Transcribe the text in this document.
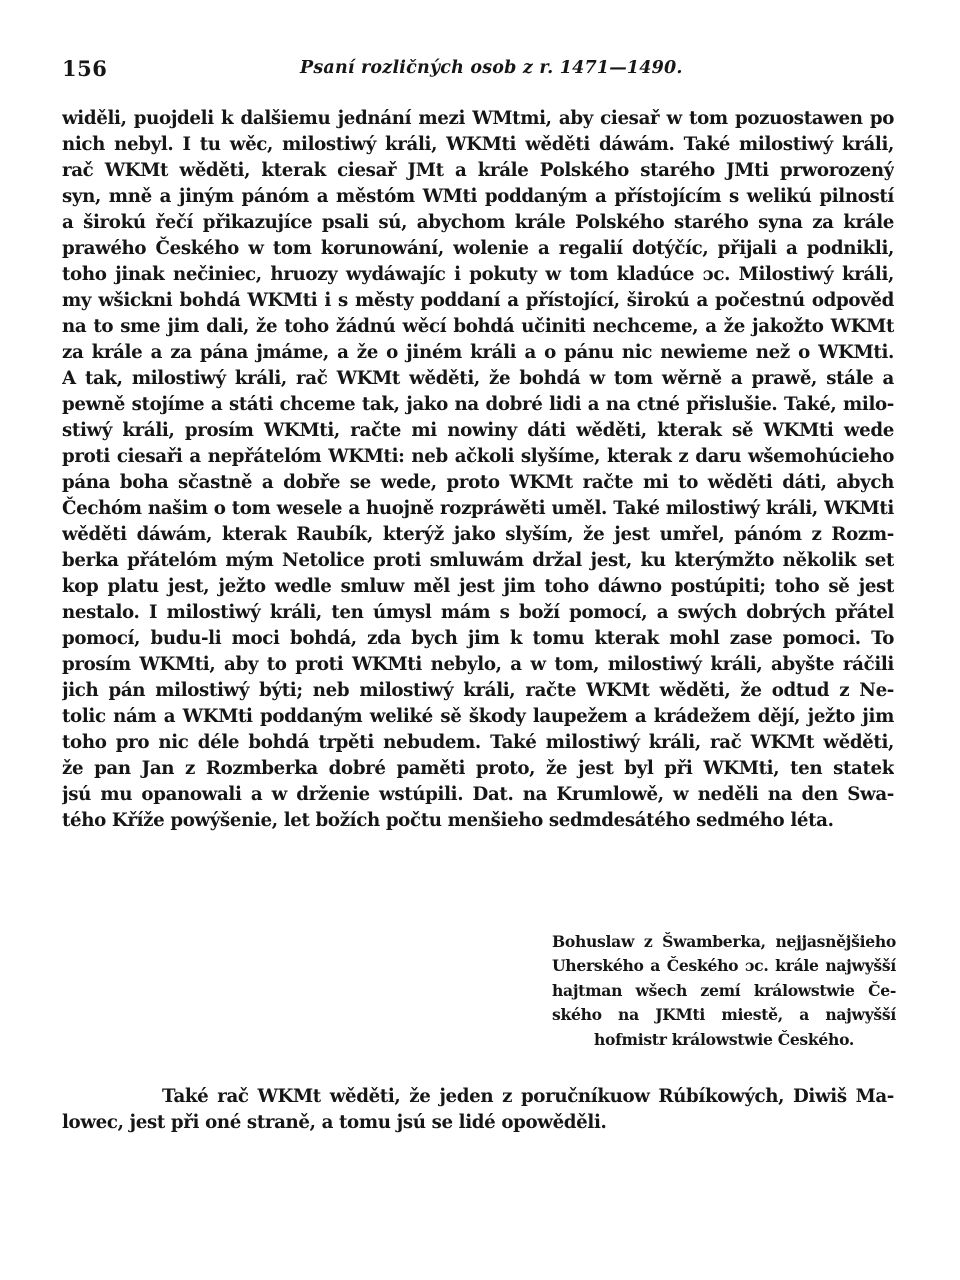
156	Psaní rozličných osob z r. 1471—1490.
widěli, puojdeli k dalšiemu jednání mezi WMtmi, aby ciesař w tom pozuostawen po
nich nebyl. I tu wěc, milostiwý králi, WKMti wěděti dáwám. Také milostiwý králi,
rač WKMt wěděti, kterak ciesař JMt a krále Polského starého JMti prworozený
syn, mně a jiným pánóm a městóm WMti poddaným a přístojícím s welikú pilností
a širokú řečí přikazujíce psali sú, abychom krále Polského starého syna za krále
prawého Českého w tom korunowání, wolenie a regalií dotýčíc, přijali a podnikli,
toho jinak nečiniec, hruozy wydáwajíc i pokuty w tom kladúce ɔc. Milostiwý králi,
my wšickni bohdá WKMti i s městy poddaní a přístojící, širokú a počestnú odpověď
na to sme jim dali, že toho žádnú wěcí bohdá učiniti nechceme, a že jakožto WKMt
za krále a za pána jmáme, a že o jiném králi a o pánu nic newieme než o WKMti.
A tak, milostiwý králi, rač WKMt wěděti, že bohdá w tom wěrně a prawě, stále a
pewně stojíme a státi chceme tak, jako na dobré lidi a na ctné přislušie. Také, milo-
stiwý králi, prosím WKMti, račte mi nowiny dáti wěděti, kterak sě WKMti wede
proti ciesaři a nepřátelóm WKMti: neb ačkoli slyšíme, kterak z daru wšemohúcieho
pána boha sčastně a dobře se wede, proto WKMt račte mi to wěděti dáti, abych
Čechóm našim o tom wesele a huojně rozpráwěti uměl. Také milostiwý králi, WKMti
wěděti dáwám, kterak Raubík, kterýž jako slyším, že jest umřel, pánóm z Rozm-
berka přátelóm mým Netolice proti smluwám držal jest, ku kterýmžto několik set
kop platu jest, ježto wedle smluw měl jest jim toho dáwno postúpiti; toho sě jest
nestalo. I milostiwý králi, ten úmysl mám s boží pomocí, a swých dobrých přátel
pomocí, budu-li moci bohdá, zda bych jim k tomu kterak mohl zase pomoci. To
prosím WKMti, aby to proti WKMti nebylo, a w tom, milostiwý králi, abyšte ráčili
jich pán milostiwý býti; neb milostiwý králi, račte WKMt wěděti, že odtud z Ne-
tolic nám a WKMti poddaným weliké sě škody laupežem a krádežem dějí, ježto jim
toho pro nic déle bohdá trpěti nebudem. Také milostiwý králi, rač WKMt wěděti,
že pan Jan z Rozmberka dobré paměti proto, že jest byl při WKMti, ten statek
jsú mu opanowali a w drženie wstúpili. Dat. na Krumlowě, w neděli na den Swa-
tého Kříže powýšenie, let božích počtu menšieho sedmdesátého sedmého léta.
Bohuslaw z Šwamberka, nejjasnějšieho
Uherského a Českého ɔc. krále najwyšší
hajtman wšech zemí králowstwie Če-
ského na JKMti miestě, a najwyšší
hofmistr králowstwie Českého.
Také rač WKMt wěděti, že jeden z poručníkuow Rúbíkowých, Diwiš Ma-
lowec, jest při oné straně, a tomu jsú se lidé opowěděli.
